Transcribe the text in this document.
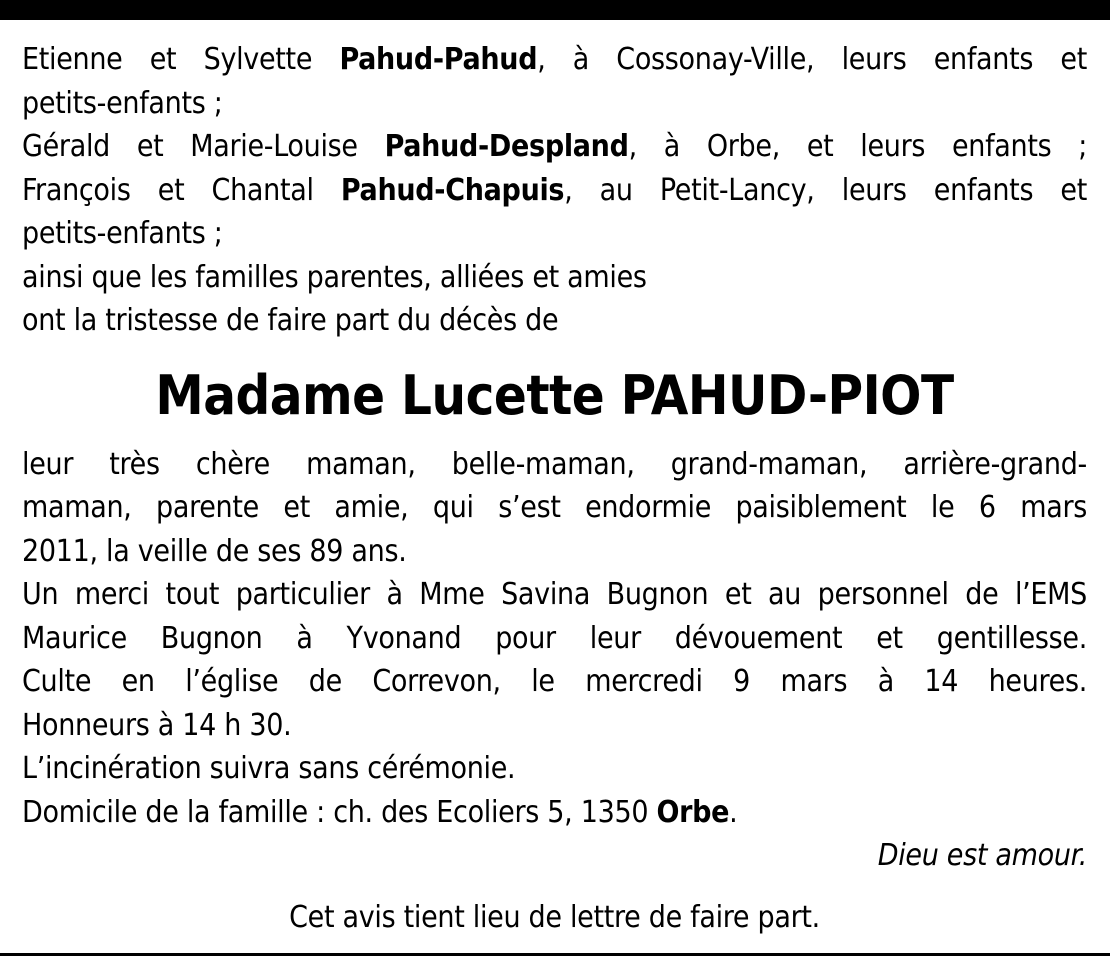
Etienne et Sylvette Pahud-Pahud, à Cossonay-Ville, leurs enfants et
petits-enfants ;
Gérald et Marie-Louise Pahud-Despland, à Orbe, et leurs enfants ;
François et Chantal Pahud-Chapuis, au Petit-Lancy, leurs enfants et
petits-enfants ;
ainsi que les familles parentes, alliées et amies
ont la tristesse de faire part du décès de
Madame Lucette PAHUD-PIOT
leur très chère maman, belle-maman, grand-maman, arrière-grand-
maman, parente et amie, qui s’est endormie paisiblement le 6 mars
2011, la veille de ses 89 ans.
Un merci tout particulier à Mme Savina Bugnon et au personnel de l’EMS
Maurice Bugnon à Yvonand pour leur dévouement et gentillesse.
Culte en l’église de Correvon, le mercredi 9 mars à 14 heures.
Honneurs à 14 h 30.
L’incinération suivra sans cérémonie.
Domicile de la famille : ch. des Ecoliers 5, 1350 Orbe.
Dieu est amour.
Cet avis tient lieu de lettre de faire part.
